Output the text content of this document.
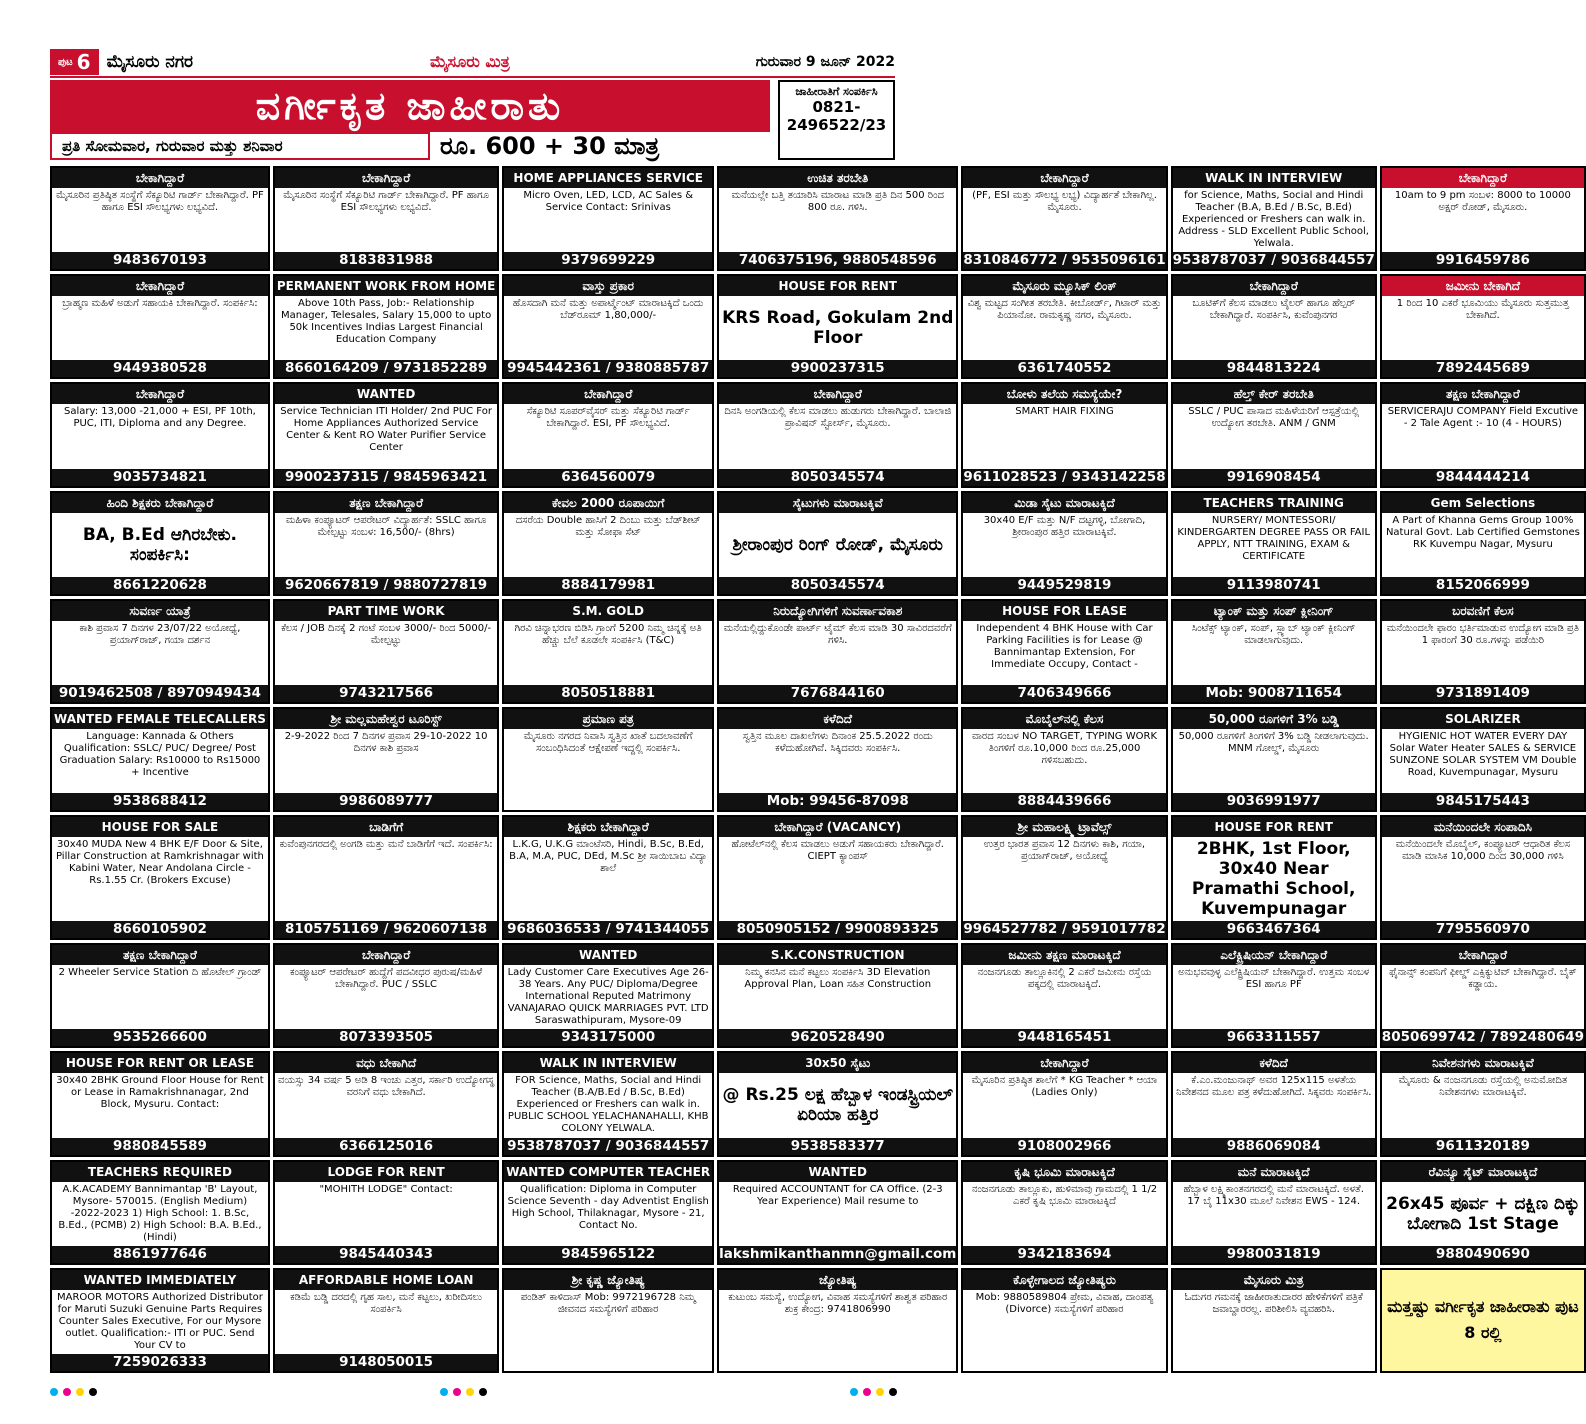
ಪುಟ 6 ಮೈಸೂರು ನಗರ	ಮೈಸೂರು ಮಿತ್ರ	ಗುರುವಾರ 9 ಜೂನ್ 2022
ವರ್ಗೀಕೃತ ಜಾಹೀರಾತು
ಪ್ರತಿ ಸೋಮವಾರ, ಗುರುವಾರ ಮತ್ತು ಶನಿವಾರ	ರೂ. 600 + 30 ಮಾತ್ರ
ಜಾಹೀರಾತಿಗೆ ಸಂಪರ್ಕಿಸಿ
0821-
2496522/23
ಬೇಕಾಗಿದ್ದಾರೆ
ಮೈಸೂರಿನ ಪ್ರತಿಷ್ಠಿತ ಸಂಸ್ಥೆಗೆ ಸೆಕ್ಯೂರಿಟಿ ಗಾರ್ಡ್ ಬೇಕಾಗಿದ್ದಾರೆ. PF ಹಾಗೂ ESI ಸೌಲಭ್ಯಗಳು ಲಭ್ಯವಿದೆ.
9483670193
ಬೇಕಾಗಿದ್ದಾರೆ
ಮೈಸೂರಿನ ಸಂಸ್ಥೆಗೆ ಸೆಕ್ಯೂರಿಟಿ ಗಾರ್ಡ್ ಬೇಕಾಗಿದ್ದಾರೆ. PF ಹಾಗೂ ESI ಸೌಲಭ್ಯಗಳು ಲಭ್ಯವಿದೆ.
8183831988
HOME APPLIANCES SERVICE
Micro Oven, LED, LCD, AC Sales & Service Contact: Srinivas
9379699229
ಉಚಿತ ತರಬೇತಿ
ಮನೆಯಲ್ಲೇ ಬತ್ತಿ ತಯಾರಿಸಿ ಮಾರಾಟ ಮಾಡಿ ಪ್ರತಿ ದಿನ 500 ರಿಂದ 800 ರೂ. ಗಳಿಸಿ.
7406375196, 9880548596
ಬೇಕಾಗಿದ್ದಾರೆ
(PF, ESI ಮತ್ತು ಸೌಲಭ್ಯ ಲಭ್ಯ) ವಿದ್ಯಾರ್ಹತೆ ಬೇಕಾಗಿಲ್ಲ. ಮೈಸೂರು.
8310846772 / 9535096161
WALK IN INTERVIEW
for Science, Maths, Social and Hindi Teacher (B.A, B.Ed / B.Sc, B.Ed) Experienced or Freshers can walk in. Address - SLD Excellent Public School, Yelwala.
9538787037 / 9036844557
ಬೇಕಾಗಿದ್ದಾರೆ
10am to 9 pm ಸಂಬಳ: 8000 to 10000 ಅಕ್ಷರ್ ರೋಡ್, ಮೈಸೂರು.
9916459786
ಬೇಕಾಗಿದ್ದಾರೆ
ಬ್ರಾಹ್ಮಣ ಮಹಿಳೆ ಅಡುಗೆ ಸಹಾಯಕಿ ಬೇಕಾಗಿದ್ದಾರೆ. ಸಂಪರ್ಕಿಸಿ:
9449380528
PERMANENT WORK FROM HOME
Above 10th Pass, Job:- Relationship Manager, Telesales, Salary 15,000 to upto 50k Incentives Indias Largest Financial Education Company
8660164209 / 9731852289
ವಾಸ್ತು ಪ್ರಕಾರ
ಹೊಸದಾಗಿ ಮನೆ ಮತ್ತು ಅಪಾರ್ಟ್ಮೆಂಟ್ ಮಾರಾಟಕ್ಕಿದೆ ಒಂದು ಬೆಡ್‌ರೂಮ್ 1,80,000/-
9945442361 / 9380885787
HOUSE FOR RENT
KRS Road, Gokulam 2nd Floor
9900237315
ಮೈಸೂರು ಮ್ಯೂಸಿಕ್ ಲಿಂಕ್
ವಿಶ್ವ ಮಟ್ಟದ ಸಂಗೀತ ತರಬೇತಿ. ಕೀಬೋರ್ಡ್, ಗಿಟಾರ್ ಮತ್ತು ಪಿಯಾನೋ. ರಾಮಕೃಷ್ಣ ನಗರ, ಮೈಸೂರು.
6361740552
ಬೇಕಾಗಿದ್ದಾರೆ
ಬೂಟಿಕ್‌ಗೆ ಕೆಲಸ ಮಾಡಲು ಟೈಲರ್ ಹಾಗೂ ಹೆಲ್ಪರ್ ಬೇಕಾಗಿದ್ದಾರೆ. ಸಂಪರ್ಕಿಸಿ, ಕುವೆಂಪುನಗರ
9844813224
ಜಮೀನು ಬೇಕಾಗಿದೆ
1 ರಿಂದ 10 ಎಕರೆ ಭೂಮಿಯು ಮೈಸೂರು ಸುತ್ತಮುತ್ತ ಬೇಕಾಗಿದೆ.
7892445689
ಬೇಕಾಗಿದ್ದಾರೆ
Salary: 13,000 -21,000 + ESI, PF 10th, PUC, ITI, Diploma and any Degree.
9035734821
WANTED
Service Technician ITI Holder/ 2nd PUC For Home Appliances Authorized Service Center & Kent RO Water Purifier Service Center
9900237315 / 9845963421
ಬೇಕಾಗಿದ್ದಾರೆ
ಸೆಕ್ಯೂರಿಟಿ ಸೂಪರ್‌ವೈಸರ್ ಮತ್ತು ಸೆಕ್ಯೂರಿಟಿ ಗಾರ್ಡ್ ಬೇಕಾಗಿದ್ದಾರೆ. ESI, PF ಸೌಲಭ್ಯವಿದೆ.
6364560079
ಬೇಕಾಗಿದ್ದಾರೆ
ದಿನಸಿ ಅಂಗಡಿಯಲ್ಲಿ ಕೆಲಸ ಮಾಡಲು ಹುಡುಗರು ಬೇಕಾಗಿದ್ದಾರೆ. ಬಾಲಾಜಿ ಪ್ರಾವಿಷನ್ ಸ್ಟೋರ್ಸ್, ಮೈಸೂರು.
8050345574
ಬೋಳು ತಲೆಯ ಸಮಸ್ಯೆಯೇ?
SMART HAIR FIXING
9611028523 / 9343142258
ಹೆಲ್ತ್ ಕೇರ್ ತರಬೇತಿ
SSLC / PUC ಪಾಸಾದ ಮಹಿಳೆಯರಿಗೆ ಆಸ್ಪತ್ರೆಯಲ್ಲಿ ಉದ್ಯೋಗ ತರಬೇತಿ. ANM / GNM
9916908454
ತಕ್ಷಣ ಬೇಕಾಗಿದ್ದಾರೆ
SERVICERAJU COMPANY Field Excutive - 2 Tale Agent :- 10 (4 - HOURS)
9844444214
ಹಿಂದಿ ಶಿಕ್ಷಕರು ಬೇಕಾಗಿದ್ದಾರೆ
BA, B.Ed ಆಗಿರಬೇಕು. ಸಂಪರ್ಕಿಸಿ:
8661220628
ತಕ್ಷಣ ಬೇಕಾಗಿದ್ದಾರೆ
ಮಹಿಳಾ ಕಂಪ್ಯೂಟರ್ ಆಪರೇಟರ್ ವಿದ್ಯಾರ್ಹತೆ: SSLC ಹಾಗೂ ಮೇಲ್ಪಟ್ಟು ಸಂಬಳ: 16,500/- (8hrs)
9620667819 / 9880727819
ಕೇವಲ 2000 ರೂಪಾಯಿಗೆ
ದಸರೆಯ Double ಹಾಸಿಗೆ 2 ದಿಂಬು ಮತ್ತು ಬೆಡ್‌ಶೀಟ್ ಮತ್ತು ಸೋಫಾ ಸೆಟ್
8884179981
ಸೈಟುಗಳು ಮಾರಾಟಕ್ಕಿವೆ
ಶ್ರೀರಾಂಪುರ ರಿಂಗ್ ರೋಡ್, ಮೈಸೂರು
8050345574
ಮಿಡಾ ಸೈಟು ಮಾರಾಟಕ್ಕಿದೆ
30x40 E/F ಮತ್ತು N/F ದಟ್ಟಗಳ್ಳಿ, ಬೋಗಾದಿ, ಶ್ರೀರಾಂಪುರ ಹತ್ತಿರ ಮಾರಾಟಕ್ಕಿವೆ.
9449529819
TEACHERS TRAINING
NURSERY/ MONTESSORI/ KINDERGARTEN DEGREE PASS OR FAIL APPLY, NTT TRAINING, EXAM & CERTIFICATE
9113980741
Gem Selections
A Part of Khanna Gems Group 100% Natural Govt. Lab Certified Gemstones RK Kuvempu Nagar, Mysuru
8152066999
ಸುವರ್ಣ ಯಾತ್ರೆ
ಕಾಶಿ ಪ್ರವಾಸ 7 ದಿನಗಳ 23/07/22 ಅಯೋಧ್ಯೆ, ಪ್ರಯಾಗ್‌ರಾಜ್, ಗಯಾ ದರ್ಶನ
9019462508 / 8970949434
PART TIME WORK
ಕೆಲಸ / JOB ದಿನಕ್ಕೆ 2 ಗಂಟೆ ಸಂಬಳ 3000/- ರಿಂದ 5000/- ಮೇಲ್ಪಟ್ಟು
9743217566
S.M. GOLD
ಗಿರವಿ ಚಿನ್ನಾಭರಣ ಬಿಡಿಸಿ ಗ್ರಾಂಗೆ 5200 ನಿಮ್ಮ ಚಿನ್ನಕ್ಕೆ ಅತಿ ಹೆಚ್ಚು ಬೆಲೆ ಕೂಡಲೇ ಸಂಪರ್ಕಿಸಿ (T&C)
8050518881
ನಿರುದ್ಯೋಗಿಗಳಿಗೆ ಸುವರ್ಣಾವಕಾಶ
ಮನೆಯಲ್ಲಿದ್ದುಕೊಂಡೇ ಪಾರ್ಟ್ ಟೈಮ್ ಕೆಲಸ ಮಾಡಿ 30 ಸಾವಿರದವರೆಗೆ ಗಳಿಸಿ.
7676844160
HOUSE FOR LEASE
Independent 4 BHK House with Car Parking Facilities is for Lease @ Bannimantap Extension, For Immediate Occupy, Contact -
7406349666
ಟ್ಯಾಂಕ್ ಮತ್ತು ಸಂಪ್ ಕ್ಲೀನಿಂಗ್
ಸಿಂಟೆಕ್ಸ್ ಟ್ಯಾಂಕ್, ಸಂಪ್, ಸ್ಲ್ಯಾಬ್ ಟ್ಯಾಂಕ್ ಕ್ಲೀನಿಂಗ್ ಮಾಡಲಾಗುವುದು.
Mob: 9008711654
ಬರವಣಿಗೆ ಕೆಲಸ
ಮನೆಯಿಂದಲೇ ಫಾರಂ ಭರ್ತಿಮಾಡುವ ಉದ್ಯೋಗ ಮಾಡಿ ಪ್ರತಿ 1 ಫಾರಂಗೆ 30 ರೂ.ಗಳನ್ನು ಪಡೆಯಿರಿ
9731891409
WANTED FEMALE TELECALLERS
Language: Kannada & Others Qualification: SSLC/ PUC/ Degree/ Post Graduation Salary: Rs10000 to Rs15000 + Incentive
9538688412
ಶ್ರೀ ಮಲ್ಲಮಹೇಶ್ವರ ಟೂರಿಸ್ಟ್
2-9-2022 ರಿಂದ 7 ದಿನಗಳ ಪ್ರವಾಸ 29-10-2022 10 ದಿನಗಳ ಕಾಶಿ ಪ್ರವಾಸ
9986089777
ಪ್ರಮಾಣ ಪತ್ರ
ಮೈಸೂರು ನಗರದ ನಿವಾಸಿ ಸ್ವತ್ತಿನ ಖಾತೆ ಬದಲಾವಣೆಗೆ ಸಂಬಂಧಿಸಿದಂತೆ ಆಕ್ಷೇಪಣೆ ಇದ್ದಲ್ಲಿ ಸಂಪರ್ಕಿಸಿ.
ಕಳೆದಿದೆ
ಸ್ವತ್ತಿನ ಮೂಲ ದಾಖಲೆಗಳು ದಿನಾಂಕ 25.5.2022 ರಂದು ಕಳೆದುಹೋಗಿವೆ. ಸಿಕ್ಕಿದವರು ಸಂಪರ್ಕಿಸಿ.
Mob: 99456-87098
ಮೊಬೈಲ್‌ನಲ್ಲಿ ಕೆಲಸ
ವಾರದ ಸಂಬಳ NO TARGET, TYPING WORK ತಿಂಗಳಿಗೆ ರೂ.10,000 ರಿಂದ ರೂ.25,000 ಗಳಿಸಬಹುದು.
8884439666
50,000 ರೂಗಳಿಗೆ 3% ಬಡ್ಡಿ
50,000 ರೂಗಳಿಗೆ ತಿಂಗಳಿಗೆ 3% ಬಡ್ಡಿ ನೀಡಲಾಗುವುದು. MNM ಗೋಲ್ಡ್, ಮೈಸೂರು
9036991977
SOLARIZER
HYGIENIC HOT WATER EVERY DAY Solar Water Heater SALES & SERVICE SUNZONE SOLAR SYSTEM VM Double Road, Kuvempunagar, Mysuru
9845175443
HOUSE FOR SALE
30x40 MUDA New 4 BHK E/F Door & Site, Pillar Construction at Ramkrishnagar with Kabini Water, Near Andolana Circle - Rs.1.55 Cr. (Brokers Excuse)
8660105902
ಬಾಡಿಗೆಗೆ
ಕುವೆಂಪುನಗರದಲ್ಲಿ ಅಂಗಡಿ ಮತ್ತು ಮನೆ ಬಾಡಿಗೆಗೆ ಇದೆ. ಸಂಪರ್ಕಿಸಿ:
8105751169 / 9620607138
ಶಿಕ್ಷಕರು ಬೇಕಾಗಿದ್ದಾರೆ
L.K.G, U.K.G ಮಾಂಟೆಸರಿ, Hindi, B.Sc, B.Ed, B.A, M.A, PUC, DEd, M.Sc ಶ್ರೀ ಸಾಯಿಬಾಬ ವಿದ್ಯಾ ಶಾಲೆ
9686036533 / 9741344055
ಬೇಕಾಗಿದ್ದಾರೆ (VACANCY)
ಹೋಟೆಲ್‌ನಲ್ಲಿ ಕೆಲಸ ಮಾಡಲು ಅಡುಗೆ ಸಹಾಯಕರು ಬೇಕಾಗಿದ್ದಾರೆ. CIEPT ಕ್ಯಾಂಪಸ್
8050905152 / 9900893325
ಶ್ರೀ ಮಹಾಲಕ್ಷ್ಮಿ ಟ್ರಾವೆಲ್ಸ್
ಉತ್ತರ ಭಾರತ ಪ್ರವಾಸ 12 ದಿನಗಳು ಕಾಶಿ, ಗಯಾ, ಪ್ರಯಾಗ್‌ರಾಜ್, ಅಯೋಧ್ಯೆ
9964527782 / 9591017782
HOUSE FOR RENT
2BHK, 1st Floor, 30x40 Near Pramathi School, Kuvempunagar
9663467364
ಮನೆಯಿಂದಲೇ ಸಂಪಾದಿಸಿ
ಮನೆಯಿಂದಲೇ ಮೊಬೈಲ್, ಕಂಪ್ಯೂಟರ್ ಆಧಾರಿತ ಕೆಲಸ ಮಾಡಿ ಮಾಸಿಕ 10,000 ದಿಂದ 30,000 ಗಳಿಸಿ
7795560970
ತಕ್ಷಣ ಬೇಕಾಗಿದ್ದಾರೆ
2 Wheeler Service Station ದಿ ಹೊಟೇಲ್ ಗ್ರಾಂಡ್
9535266600
ಬೇಕಾಗಿದ್ದಾರೆ
ಕಂಪ್ಯೂಟರ್ ಆಪರೇಟರ್ ಹುದ್ದೆಗೆ ಪದವೀಧರ ಪುರುಷ/ಮಹಿಳೆ ಬೇಕಾಗಿದ್ದಾರೆ. PUC / SSLC
8073393505
WANTED
Lady Customer Care Executives Age 26-38 Years. Any PUC/ Diploma/Degree International Reputed Matrimony VANAJARAO QUICK MARRIAGES PVT. LTD Saraswathipuram, Mysore-09
9343175000
S.K.CONSTRUCTION
ನಿಮ್ಮ ಕನಸಿನ ಮನೆ ಕಟ್ಟಲು ಸಂಪರ್ಕಿಸಿ 3D Elevation Approval Plan, Loan ಸಹಿತ Construction
9620528490
ಜಮೀನು ತಕ್ಷಣ ಮಾರಾಟಕ್ಕಿದೆ
ನಂಜನಗೂಡು ತಾಲ್ಲೂಕಿನಲ್ಲಿ 2 ಎಕರೆ ಜಮೀನು ರಸ್ತೆಯ ಪಕ್ಕದಲ್ಲಿ ಮಾರಾಟಕ್ಕಿದೆ.
9448165451
ಎಲೆಕ್ಟ್ರಿಷಿಯನ್ ಬೇಕಾಗಿದ್ದಾರೆ
ಅನುಭವವುಳ್ಳ ಎಲೆಕ್ಟ್ರಿಷಿಯನ್ ಬೇಕಾಗಿದ್ದಾರೆ. ಉತ್ತಮ ಸಂಬಳ ESI ಹಾಗೂ PF
9663311557
ಬೇಕಾಗಿದ್ದಾರೆ
ಫೈನಾನ್ಸ್ ಕಂಪನಿಗೆ ಫೀಲ್ಡ್ ಎಕ್ಸಿಕ್ಯುಟಿವ್ ಬೇಕಾಗಿದ್ದಾರೆ. ಬೈಕ್ ಕಡ್ಡಾಯ.
8050699742 / 7892480649
HOUSE FOR RENT OR LEASE
30x40 2BHK Ground Floor House for Rent or Lease in Ramakrishnanagar, 2nd Block, Mysuru. Contact:
9880845589
ವಧು ಬೇಕಾಗಿದೆ
ವಯಸ್ಸು 34 ವರ್ಷ 5 ಅಡಿ 8 ಇಂಚು ಎತ್ತರ, ಸರ್ಕಾರಿ ಉದ್ಯೋಗಸ್ಥ ವರನಿಗೆ ವಧು ಬೇಕಾಗಿದೆ.
6366125016
WALK IN INTERVIEW
FOR Science, Maths, Social and Hindi Teacher (B.A/B.Ed / B.Sc, B.Ed) Experienced or Freshers can walk in. PUBLIC SCHOOL YELACHANAHALLI, KHB COLONY YELWALA.
9538787037 / 9036844557
30x50 ಸೈಟು
@ Rs.25 ಲಕ್ಷ ಹೆಬ್ಬಾಳ ಇಂಡಸ್ಟ್ರಿಯಲ್ ಏರಿಯಾ ಹತ್ತಿರ
9538583377
ಬೇಕಾಗಿದ್ದಾರೆ
ಮೈಸೂರಿನ ಪ್ರತಿಷ್ಠಿತ ಶಾಲೆಗೆ * KG Teacher * ಆಯಾ (Ladies Only)
9108002966
ಕಳೆದಿದೆ
ಕೆ.ಎಂ.ಮಂಜುನಾಥ್ ಅವರ 125x115 ಅಳತೆಯ ನಿವೇಶನದ ಮೂಲ ಪತ್ರ ಕಳೆದುಹೋಗಿದೆ. ಸಿಕ್ಕವರು ಸಂಪರ್ಕಿಸಿ.
9886069084
ನಿವೇಶನಗಳು ಮಾರಾಟಕ್ಕಿವೆ
ಮೈಸೂರು & ನಂಜನಗೂಡು ರಸ್ತೆಯಲ್ಲಿ ಅನುಮೋದಿತ ನಿವೇಶನಗಳು ಮಾರಾಟಕ್ಕಿವೆ.
9611320189
TEACHERS REQUIRED
A.K.ACADEMY Bannimantap 'B' Layout, Mysore- 570015. (English Medium) -2022-2023 1) High School: 1. B.Sc, B.Ed., (PCMB) 2) High School: B.A. B.Ed., (Hindi)
8861977646
LODGE FOR RENT
"MOHITH LODGE" Contact:
9845440343
WANTED COMPUTER TEACHER
Qualification: Diploma in Computer Science Seventh - day Adventist English High School, Thilaknagar, Mysore - 21, Contact No.
9845965122
WANTED
Required ACCOUNTANT for CA Office. (2-3 Year Experience) Mail resume to
lakshmikanthanmn@gmail.com
ಕೃಷಿ ಭೂಮಿ ಮಾರಾಟಕ್ಕಿದೆ
ನಂಜನಗೂಡು ತಾಲ್ಲೂಕು, ಹುಳಿಮಾವು ಗ್ರಾಮದಲ್ಲಿ 1 1/2 ಎಕರೆ ಕೃಷಿ ಭೂಮಿ ಮಾರಾಟಕ್ಕಿದೆ
9342183694
ಮನೆ ಮಾರಾಟಕ್ಕಿದೆ
ಹೆಬ್ಬಾಳ ಲಕ್ಷ್ಮಿಕಾಂತನಗರದಲ್ಲಿ ಮನೆ ಮಾರಾಟಕ್ಕಿದೆ. ಅಳತೆ. 17 ಬೈ 11x30 ಮೂಲೆ ನಿವೇಶನ EWS - 124.
9980031819
ರೆವಿನ್ಯೂ ಸೈಟ್ ಮಾರಾಟಕ್ಕಿದೆ
26x45 ಪೂರ್ವ + ದಕ್ಷಿಣ ದಿಕ್ಕು ಬೋಗಾದಿ 1st Stage
9880490690
WANTED IMMEDIATELY
MAROOR MOTORS Authorized Distributor for Maruti Suzuki Genuine Parts Requires Counter Sales Executive, For our Mysore outlet. Qualification:- ITI or PUC. Send Your CV to
7259026333
AFFORDABLE HOME LOAN
ಕಡಿಮೆ ಬಡ್ಡಿ ದರದಲ್ಲಿ ಗೃಹ ಸಾಲ, ಮನೆ ಕಟ್ಟಲು, ಖರೀದಿಸಲು ಸಂಪರ್ಕಿಸಿ
9148050015
ಶ್ರೀ ಕೃಷ್ಣ ಜ್ಯೋತಿಷ್ಯ
ಪಂಡಿತ್ ಕಾಳಿದಾಸ್ Mob: 9972196728 ನಿಮ್ಮ ಜೀವನದ ಸಮಸ್ಯೆಗಳಿಗೆ ಪರಿಹಾರ
ಜ್ಯೋತಿಷ್ಯ
ಕುಟುಂಬ ಸಮಸ್ಯೆ, ಉದ್ಯೋಗ, ವಿವಾಹ ಸಮಸ್ಯೆಗಳಿಗೆ ಶಾಶ್ವತ ಪರಿಹಾರ ಶುಕ್ರ ಕೇಂದ್ರ: 9741806990
ಕೊಳ್ಳೇಗಾಲದ ಜ್ಯೋತಿಷ್ಯರು
Mob: 9880589804 ಪ್ರೇಮ, ವಿವಾಹ, ದಾಂಪತ್ಯ (Divorce) ಸಮಸ್ಯೆಗಳಿಗೆ ಪರಿಹಾರ
ಮೈಸೂರು ಮಿತ್ರ
ಓದುಗರ ಗಮನಕ್ಕೆ ಜಾಹೀರಾತುದಾರರ ಹೇಳಿಕೆಗಳಿಗೆ ಪತ್ರಿಕೆ ಜವಾಬ್ದಾರರಲ್ಲ. ಪರಿಶೀಲಿಸಿ ವ್ಯವಹರಿಸಿ.	ಮತ್ತಷ್ಟು ವರ್ಗೀಕೃತ ಜಾಹೀರಾತು ಪುಟ 8 ರಲ್ಲಿ
